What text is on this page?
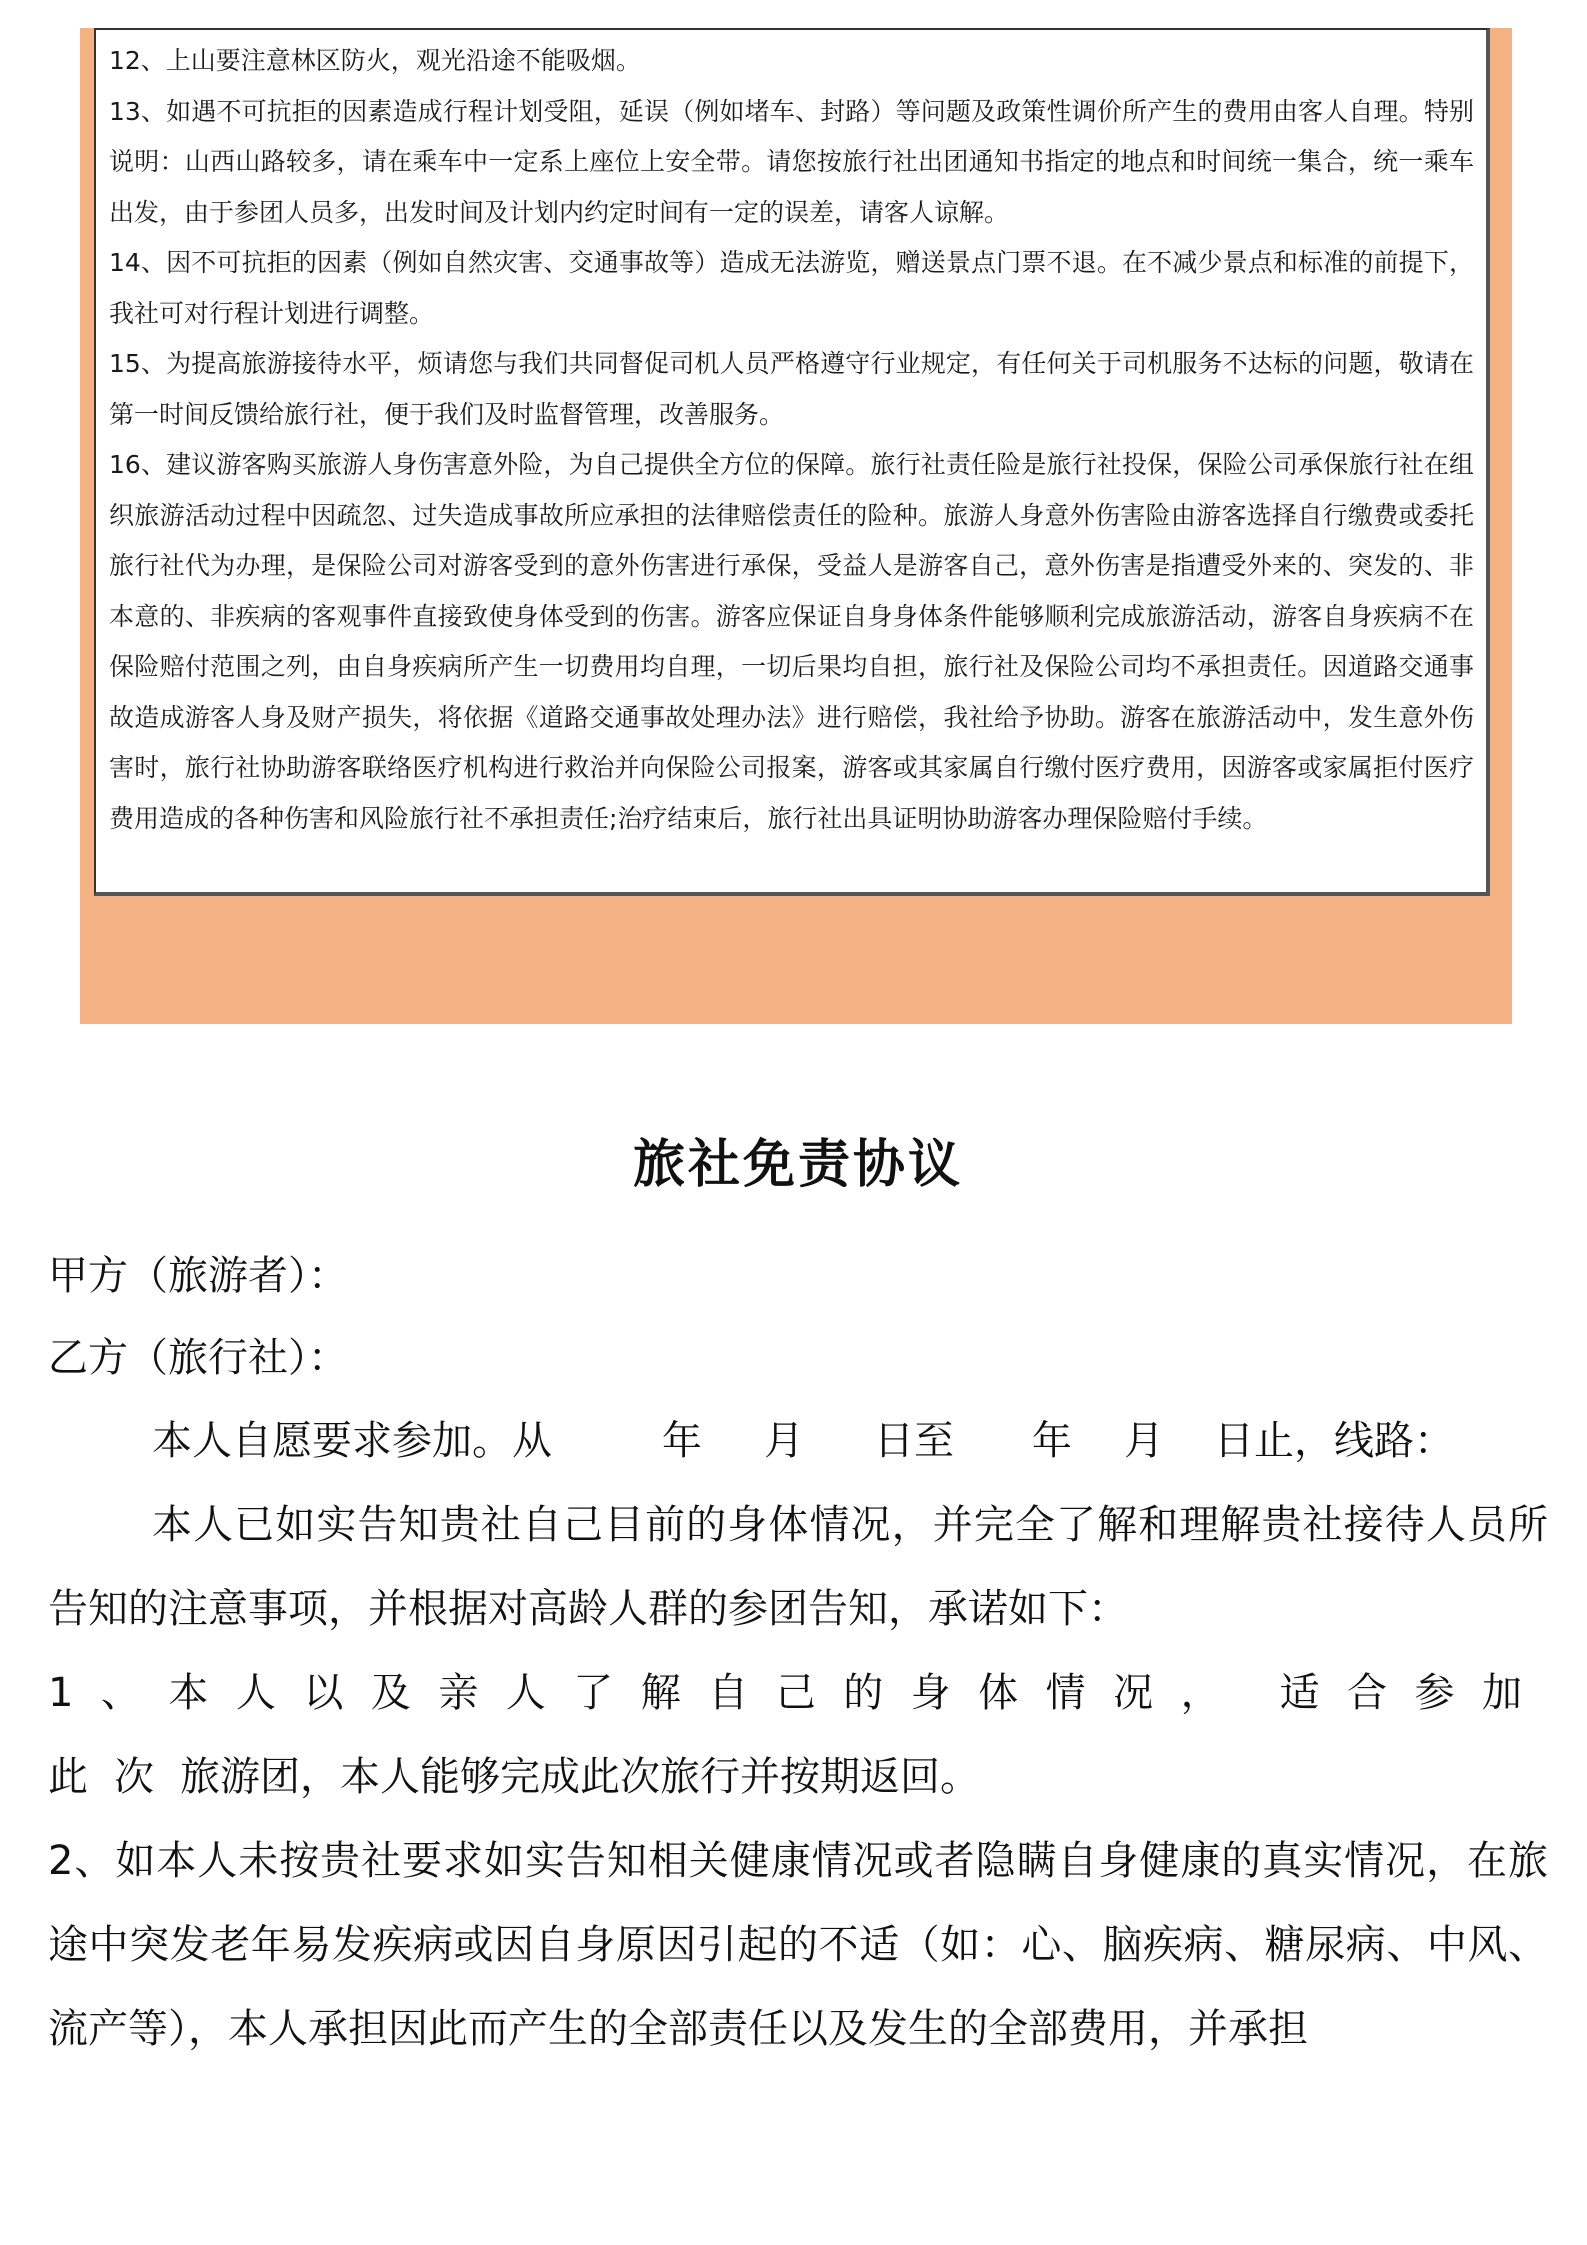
12、上山要注意林区防火，观光沿途不能吸烟。

13、如遇不可抗拒的因素造成行程计划受阻，延误（例如堵车、封路）等问题及政策性调价所产生的费用由客人自理。特别说明：山西山路较多，请在乘车中一定系上座位上安全带。请您按旅行社出团通知书指定的地点和时间统一集合，统一乘车出发，由于参团人员多，出发时间及计划内约定时间有一定的误差，请客人谅解。

14、因不可抗拒的因素（例如自然灾害、交通事故等）造成无法游览，赠送景点门票不退。在不减少景点和标准的前提下，我社可对行程计划进行调整。

15、为提高旅游接待水平，烦请您与我们共同督促司机人员严格遵守行业规定，有任何关于司机服务不达标的问题，敬请在第一时间反馈给旅行社，便于我们及时监督管理，改善服务。

16、建议游客购买旅游人身伤害意外险，为自己提供全方位的保障。旅行社责任险是旅行社投保，保险公司承保旅行社在组织旅游活动过程中因疏忽、过失造成事故所应承担的法律赔偿责任的险种。旅游人身意外伤害险由游客选择自行缴费或委托旅行社代为办理，是保险公司对游客受到的意外伤害进行承保，受益人是游客自己，意外伤害是指遭受外来的、突发的、非本意的、非疾病的客观事件直接致使身体受到的伤害。游客应保证自身身体条件能够顺利完成旅游活动，游客自身疾病不在保险赔付范围之列，由自身疾病所产生一切费用均自理，一切后果均自担，旅行社及保险公司均不承担责任。因道路交通事故造成游客人身及财产损失，将依据《道路交通事故处理办法》进行赔偿，我社给予协助。游客在旅游活动中，发生意外伤害时，旅行社协助游客联络医疗机构进行救治并向保险公司报案，游客或其家属自行缴付医疗费用，因游客或家属拒付医疗费用造成的各种伤害和风险旅行社不承担责任;治疗结束后，旅行社出具证明协助游客办理保险赔付手续。

旅社免责协议

甲方（旅游者）：

乙方（旅行社）：

本人自愿要求参加。从	年 月 日至 年 月 日止，线路：

本人已如实告知贵社自己目前的身体情况，并完全了解和理解贵社接待人员所告知的注意事项，并根据对高龄人群的参团告知，承诺如下：

1、本人以及亲人了解自己的身体情况， 适合参加此次旅游团，本人能够完成此次旅行并按期返回。

2、如本人未按贵社要求如实告知相关健康情况或者隐瞒自身健康的真实情况，在旅途中突发老年易发疾病或因自身原因引起的不适（如：心、脑疾病、糖尿病、中风、流产等），本人承担因此而产生的全部责任以及发生的全部费用，并承担
